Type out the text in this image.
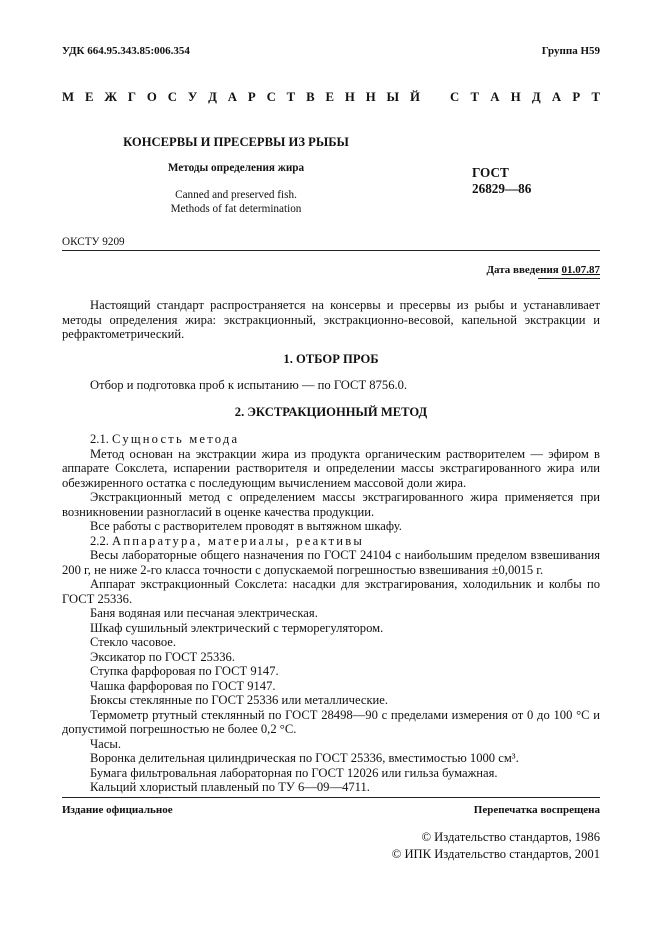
УДК 664.95.343.85:006.354	Группа Н59
М Е Ж Г О С У Д А Р С Т В Е Н Н Ы Й С Т А Н Д А Р Т
КОНСЕРВЫ И ПРЕСЕРВЫ ИЗ РЫБЫ
Методы определения жира
Canned and preserved fish.
Methods of fat determination
ГОСТ
26829—86
ОКСТУ 9209
Дата введения 01.07.87
Настоящий стандарт распространяется на консервы и пресервы из рыбы и устанавливает методы определения жира: экстракционный, экстракционно-весовой, капельной экстракции и рефрактометрический.
1. ОТБОР ПРОБ
Отбор и подготовка проб к испытанию — по ГОСТ 8756.0.
2. ЭКСТРАКЦИОННЫЙ МЕТОД
2.1. Сущность метода
Метод основан на экстракции жира из продукта органическим растворителем — эфиром в аппарате Сокслета, испарении растворителя и определении массы экстрагированного жира или обезжиренного остатка с последующим вычислением массовой доли жира.
Экстракционный метод с определением массы экстрагированного жира применяется при возникновении разногласий в оценке качества продукции.
Все работы с растворителем проводят в вытяжном шкафу.
2.2. Аппаратура, материалы, реактивы
Весы лабораторные общего назначения по ГОСТ 24104 с наибольшим пределом взвешивания 200 г, не ниже 2-го класса точности с допускаемой погрешностью взвешивания ±0,0015 г.
Аппарат экстракционный Сокслета: насадки для экстрагирования, холодильник и колбы по ГОСТ 25336.
Баня водяная или песчаная электрическая.
Шкаф сушильный электрический с терморегулятором.
Стекло часовое.
Эксикатор по ГОСТ 25336.
Ступка фарфоровая по ГОСТ 9147.
Чашка фарфоровая по ГОСТ 9147.
Бюксы стеклянные по ГОСТ 25336 или металлические.
Термометр ртутный стеклянный по ГОСТ 28498—90 с пределами измерения от 0 до 100 °С и допустимой погрешностью не более 0,2 °С.
Часы.
Воронка делительная цилиндрическая по ГОСТ 25336, вместимостью 1000 см³.
Бумага фильтровальная лабораторная по ГОСТ 12026 или гильза бумажная.
Кальций хлористый плавленый по ТУ 6—09—4711.
Издание официальное	Перепечатка воспрещена
© Издательство стандартов, 1986
© ИПК Издательство стандартов, 2001
